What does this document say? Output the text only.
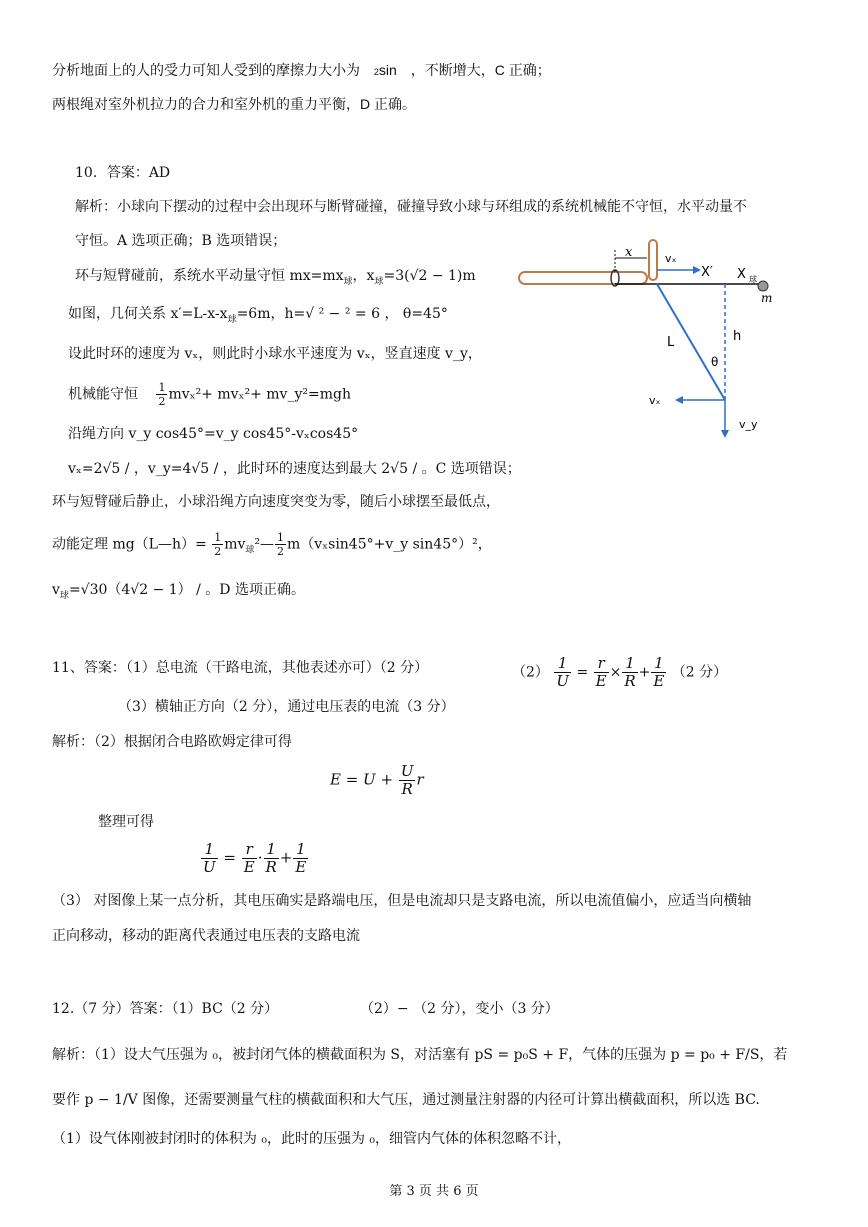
分析地面上的人的受力可知人受到的摩擦力大小为 2sin ，不断增大，C 正确；
两根绳对室外机拉力的合力和室外机的重力平衡，D 正确。
10．答案：AD
解析：小球向下摆动的过程中会出现环与断臂碰撞，碰撞导致小球与环组成的系统机械能不守恒，水平动量不
守恒。A 选项正确；B 选项错误；
环与短臂碰前，系统水平动量守恒 $mx=mx_球$，$x_球=3(√2 - 1)m$
如图，几何关系 $x'=L-x-x_球=6m$，h=√ ² − ² = 6 ， θ=45°
设此时环的速度为 vₓ，则此时小球水平速度为 vₓ，竖直速度 v_y，
机械能守恒 $\frac{1}{2} mv_x^2+ mv_x^2+$ mv_y²=mgh
沿绳方向 v_y cos45°=v_y cos45°-vₓcos45°
vₓ=2√5 / ，v_y=4√5 / ，此时环的速度达到最大 2√5 / 。C 选项错误；
环与短臂碰后静止，小球沿绳方向速度突变为零，随后小球摆至最低点，
动能定理 mg（L—h）= $\frac{1}{2}$ $mv_球^2— \frac{1}{2}$ m（vₓsin45°+v_y sin45°）²，
$v_球=√30(4√2 - 1)$ / 。D 选项正确。
x	vₓ
X′ X 球
m
L	h
θ
vₓ
v_y
11、答案：（1）总电流（干路电流，其他表述亦可）（2 分）	$(2) \frac{1}{U} = \frac{r}{E} \times \frac{1}{R} + \frac{1}{E} (2$ 分）
（3）横轴正方向（2 分），通过电压表的电流（3 分）
解析：（2）根据闭合电路欧姆定律可得
$E = U + \frac{U}{R}$ r
整理可得
$\frac{1}{U} = \frac{r}{E} \cdot \frac{1}{R} + \frac{1}{E}$
（3） 对图像上某一点分析，其电压确实是路端电压，但是电流却只是支路电流，所以电流值偏小，应适当向横轴
正向移动，移动的距离代表通过电压表的支路电流
12.（7 分）答案：（1）BC（2 分）	（2）− （2 分），变小（3 分）
解析：（1）设大气压强为 ₀，被封闭气体的横截面积为 S，对活塞有 pS = p₀S + F，气体的压强为 p = p₀ + F/S，若
要作 p − 1/V 图像，还需要测量气柱的横截面积和大气压，通过测量注射器的内径可计算出横截面积，所以选 BC.
（1）设气体刚被封闭时的体积为 ₀，此时的压强为 ₀，细管内气体的体积忽略不计，
第 3 页 共 6 页
